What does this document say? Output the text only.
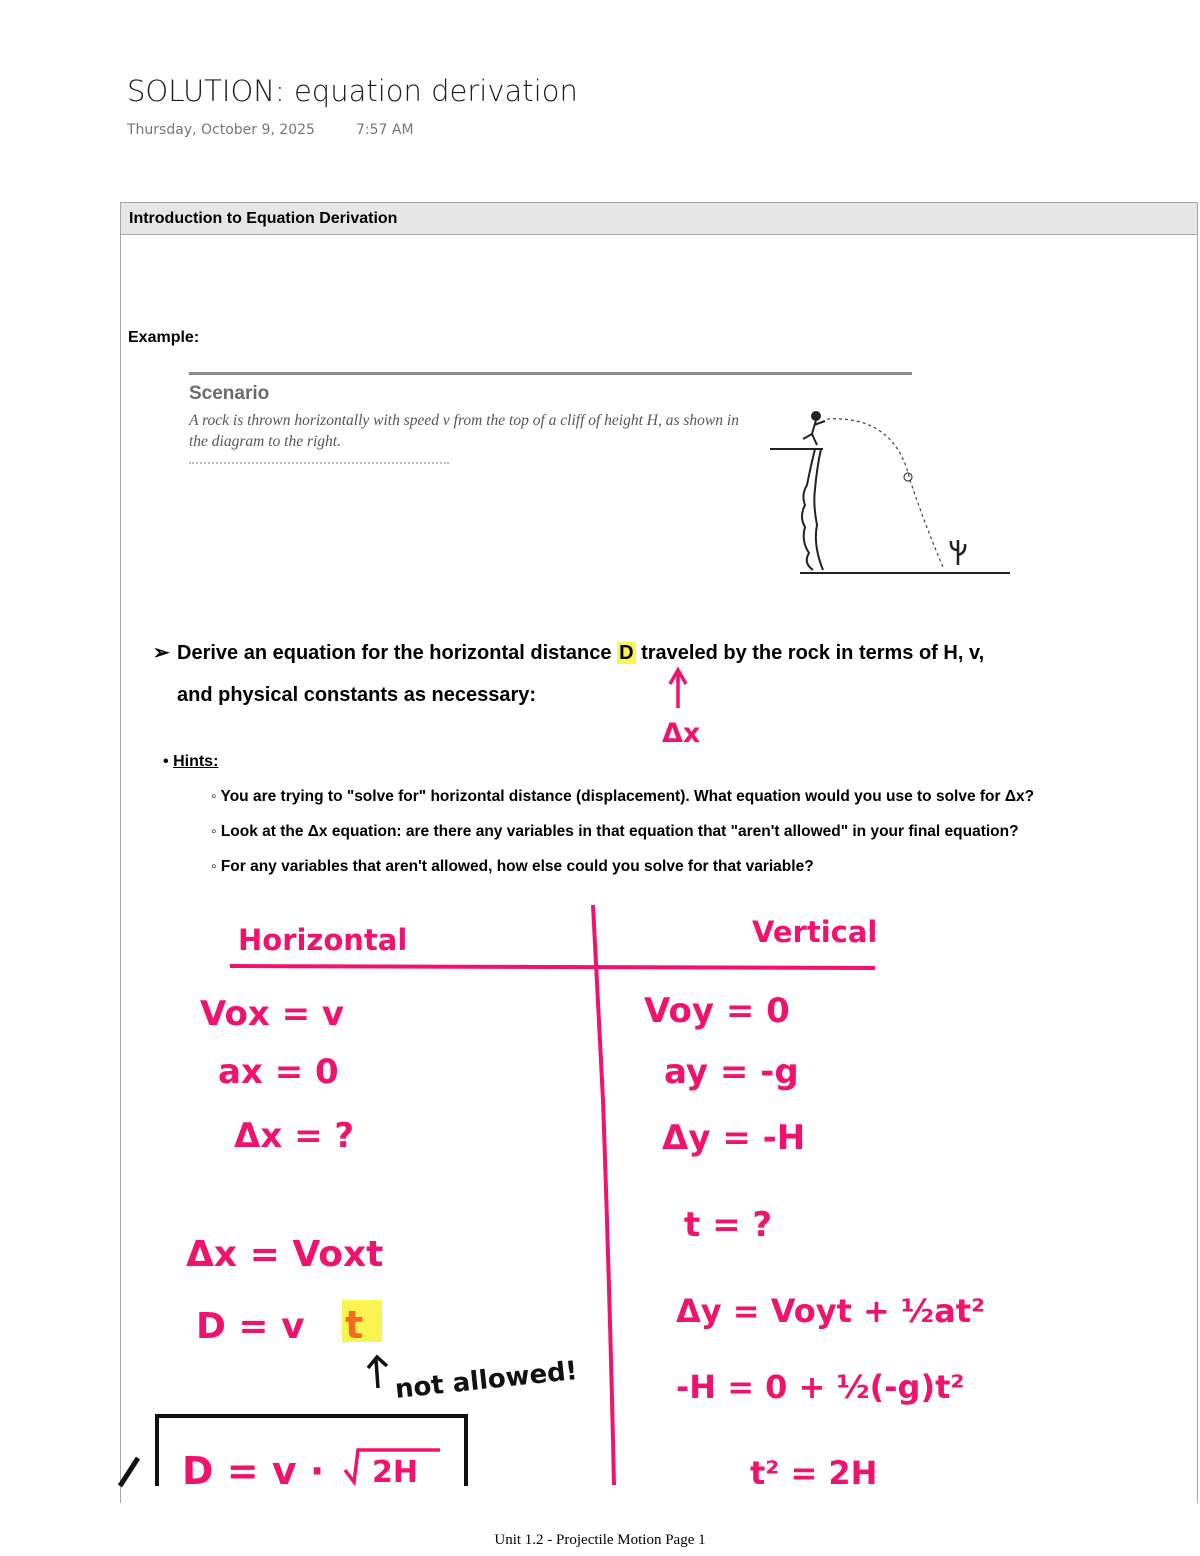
SOLUTION: equation derivation
Thursday, October 9, 2025	7:57 AM
Introduction to Equation Derivation
Example:
Scenario
A rock is thrown horizontally with speed v from the top of a cliff of height H, as shown in the diagram to the right.
➢ Derive an equation for the horizontal distance D traveled by the rock in terms of H, v,
and physical constants as necessary:
• Hints:
◦ You are trying to "solve for" horizontal distance (displacement). What equation would you use to solve for Δx?
◦ Look at the Δx equation: are there any variables in that equation that "aren't allowed" in your final equation?
◦ For any variables that aren't allowed, how else could you solve for that variable?
Δx
Horizontal	Vertical
Vox = v
ax = 0
Δx = ?
Δx = Voxt
D = v t
not allowed!
D = v · 2H
Voy = 0
ay = -g
Δy = -H
t = ?
Δy = Voyt + ½at²
-H = 0 + ½(-g)t²
t² = 2H
Unit 1.2 - Projectile Motion Page 1
